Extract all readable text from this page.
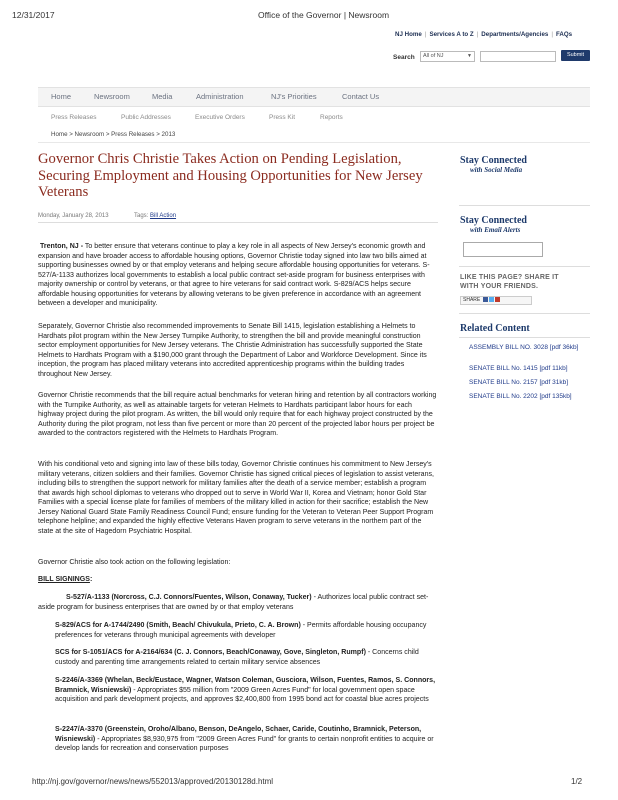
12/31/2017	Office of the Governor | Newsroom
http://nj.gov/governor/news/news/552013/approved/20130128d.html	1/2
NJ Home | Services A to Z | Departments/Agencies | FAQs
Search	All of NJ	▼	Submit
Home	Newsroom	Media	Administration	NJ's Priorities	Contact Us
Press Releases	Public Addresses	Executive Orders	Press Kit	Reports
Home > Newsroom > Press Releases > 2013
Governor Chris Christie Takes Action on Pending Legislation, Securing Employment and Housing Opportunities for New Jersey Veterans
Monday, January 28, 2013	Tags: Bill Action
Trenton, NJ - To better ensure that veterans continue to play a key role in all aspects of New Jersey's economic growth and expansion and have broader access to affordable housing options, Governor Christie today signed into law two bills aimed at supporting businesses owned by or that employ veterans and helping secure affordable housing opportunities for veterans. S-527/A-1133 authorizes local governments to establish a local public contract set-aside program for business enterprises with majority ownership or control by veterans, or that agree to hire veterans for said contract work. S-829/ACS helps secure affordable housing opportunities for veterans by allowing veterans to be given preference in accordance with an agreement between a developer and municipality.
Separately, Governor Christie also recommended improvements to Senate Bill 1415, legislation establishing a Helmets to Hardhats pilot program within the New Jersey Turnpike Authority, to strengthen the bill and provide meaningful construction sector employment opportunities for New Jersey veterans. The Christie Administration has successfully supported the State Helmets to Hardhats Program with a $190,000 grant through the Department of Labor and Workforce Development. Since its inception, the program has placed military veterans into accredited apprenticeship programs within the building trades throughout New Jersey.
Governor Christie recommends that the bill require actual benchmarks for veteran hiring and retention by all contractors working with the Turnpike Authority, as well as attainable targets for veteran Helmets to Hardhats participant labor hours for each highway project during the pilot program. As written, the bill would only require that for each highway project constructed by the Authority during the pilot program, not less than five percent or more than 20 percent of the projected labor hours per project be awarded to the contractors registered with the Helmets to Hardhats Program.
With his conditional veto and signing into law of these bills today, Governor Christie continues his commitment to New Jersey's military veterans, citizen soldiers and their families. Governor Christie has signed critical pieces of legislation to assist veterans, including bills to strengthen the support network for military families after the death of a service member; establish a program that awards high school diplomas to veterans who dropped out to serve in World War II, Korea and Vietnam; honor Gold Star Families with a special license plate for families of members of the military killed in action for their sacrifice; establish the New Jersey National Guard State Family Readiness Council Fund; ensure funding for the Veteran to Veteran Peer Support Program telephone helpline; and expanded the highly effective Veterans Haven program to serve veterans in the northern part of the state at the site of Hagedorn Psychiatric Hospital.
Governor Christie also took action on the following legislation:
BILL SIGNINGS:
S-527/A-1133 (Norcross, C.J. Connors/Fuentes, Wilson, Conaway, Tucker) - Authorizes local public contract set-aside program for business enterprises that are owned by or that employ veterans
S-829/ACS for A-1744/2490 (Smith, Beach/ Chivukula, Prieto, C. A. Brown) - Permits affordable housing occupancy preferences for veterans through municipal agreements with developer
SCS for S-1051/ACS for A-2164/634 (C. J. Connors, Beach/Conaway, Gove, Singleton, Rumpf) - Concerns child custody and parenting time arrangements related to certain military service absences
S-2246/A-3369 (Whelan, Beck/Eustace, Wagner, Watson Coleman, Gusciora, Wilson, Fuentes, Ramos, S. Connors, Bramnick, Wisniewski) - Appropriates $55 million from "2009 Green Acres Fund" for local government open space acquisition and park development projects, and approves $2,400,800 from 1995 bond act for coastal blue acres projects
S-2247/A-3370 (Greenstein, Oroho/Albano, Benson, DeAngelo, Schaer, Caride, Coutinho, Bramnick, Peterson, Wisniewski) - Appropriates $8,930,975 from "2009 Green Acres Fund" for grants to certain nonprofit entities to acquire or develop lands for recreation and conservation purposes
Stay Connected
with Social Media
Stay Connected
with Email Alerts
LIKE THIS PAGE? SHARE IT
WITH YOUR FRIENDS.
SHARE
Related Content
ASSEMBLY BILL NO. 3028 [pdf 36kb]
SENATE BILL No. 1415 [pdf 11kb]
SENATE BILL No. 2157 [pdf 31kb]
SENATE BILL No. 2202 [pdf 135kb]
